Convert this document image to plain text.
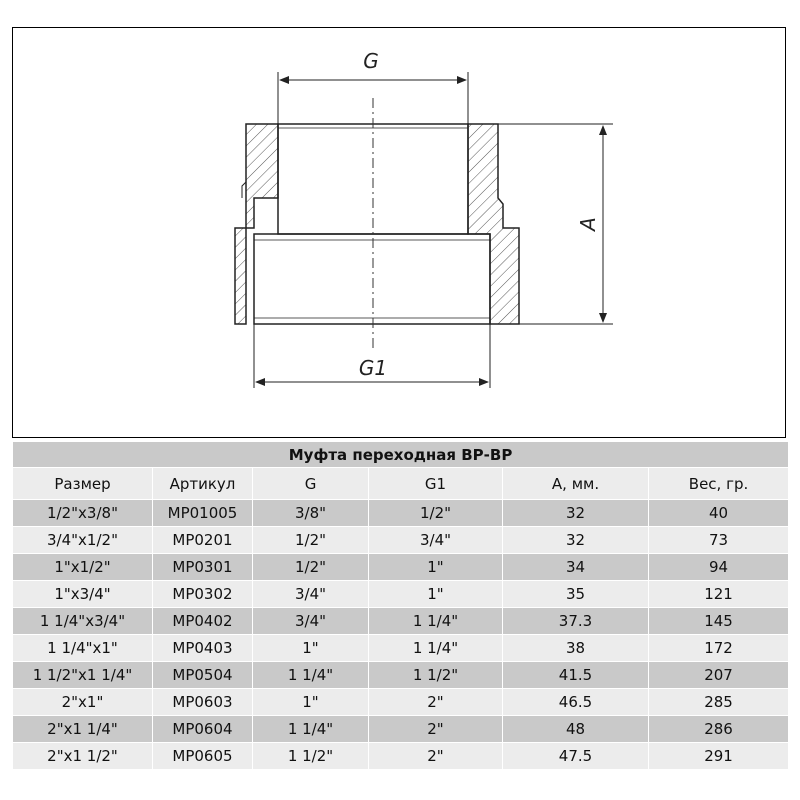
G
G1
A
Муфта переходная ВР-ВР					
Размер	Артикул	G	G1	А, мм.	Вес, гр.
1/2"x3/8"	MP01005	3/8"	1/2"	32	40
3/4"x1/2"	MP0201	1/2"	3/4"	32	73
1"x1/2"	MP0301	1/2"	1"	34	94
1"x3/4"	MP0302	3/4"	1"	35	121
1 1/4"x3/4"	MP0402	3/4"	1 1/4"	37.3	145
1 1/4"x1"	MP0403	1"	1 1/4"	38	172
1 1/2"x1 1/4"	MP0504	1 1/4"	1 1/2"	41.5	207
2"x1"	MP0603	1"	2"	46.5	285
2"x1 1/4"	MP0604	1 1/4"	2"	48	286
2"x1 1/2"	MP0605	1 1/2"	2"	47.5	291
